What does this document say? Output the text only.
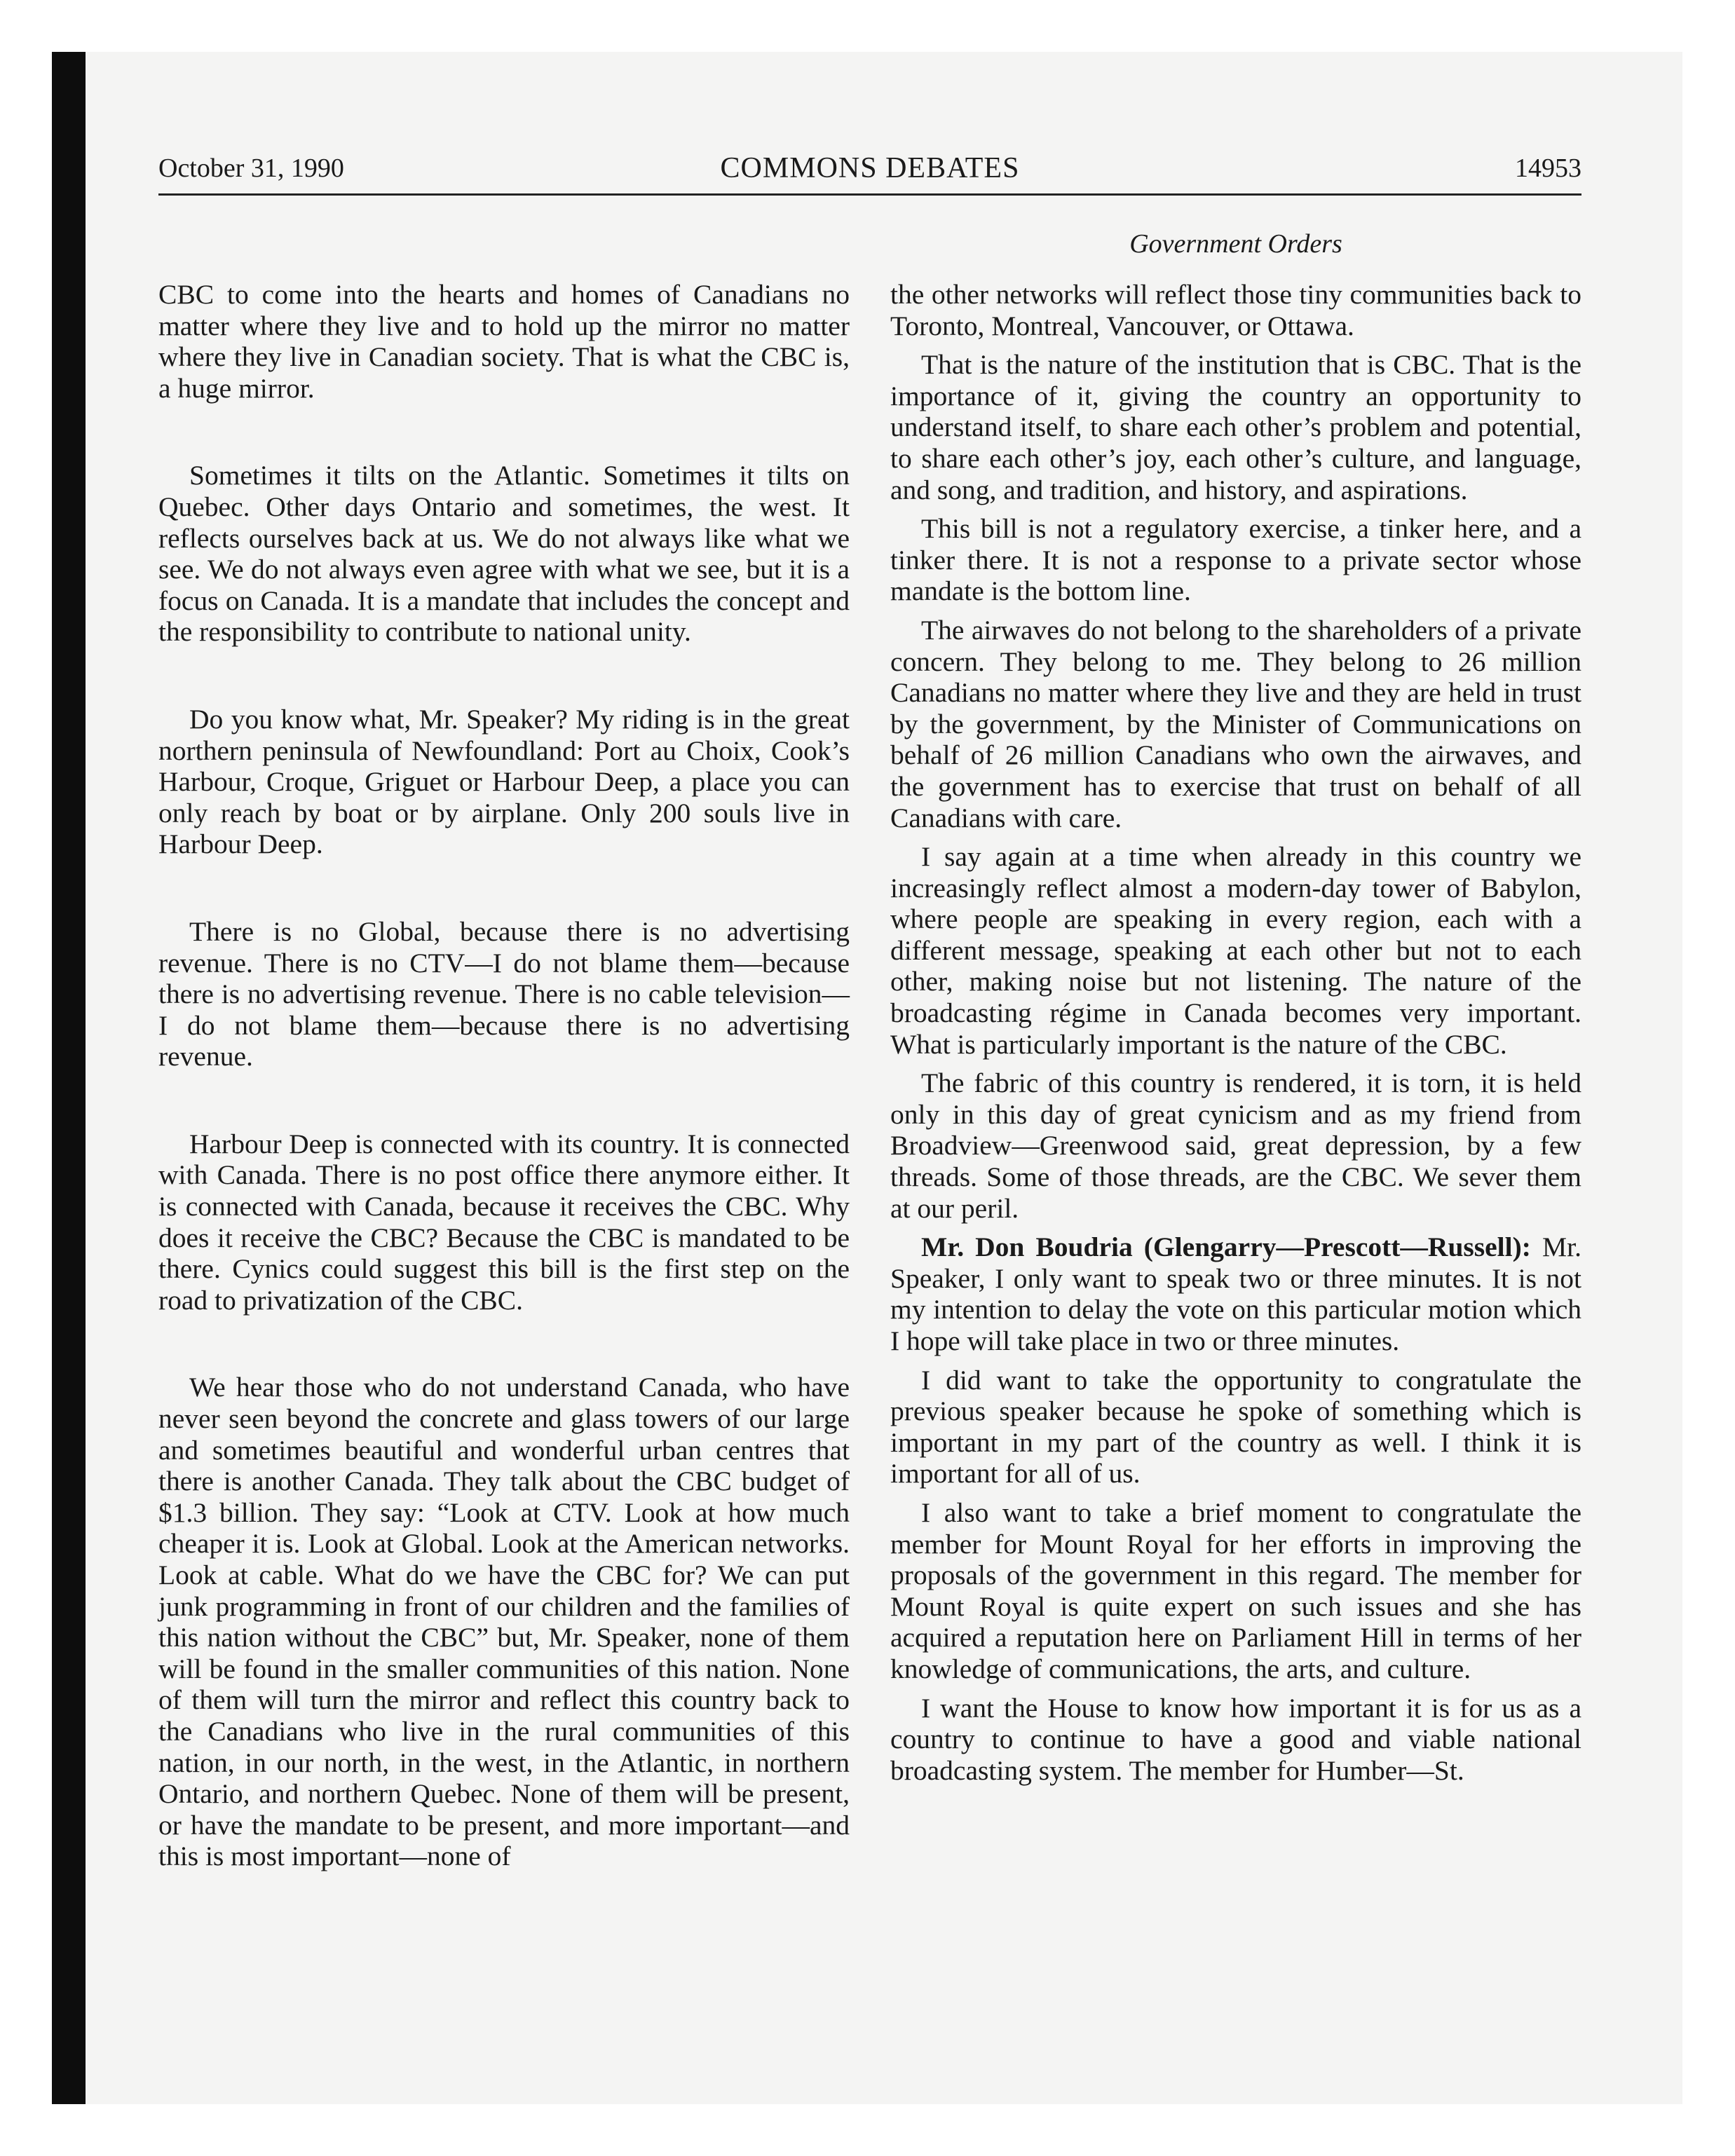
October 31, 1990	COMMONS DEBATES	14953
Government Orders

CBC to come into the hearts and homes of Canadians no matter where they live and to hold up the mirror no matter where they live in Canadian society. That is what the CBC is, a huge mirror.

Sometimes it tilts on the Atlantic. Sometimes it tilts on Quebec. Other days Ontario and sometimes, the west. It reflects ourselves back at us. We do not always like what we see. We do not always even agree with what we see, but it is a focus on Canada. It is a mandate that includes the concept and the responsibility to contribute to national unity.

Do you know what, Mr. Speaker? My riding is in the great northern peninsula of Newfoundland: Port au Choix, Cook’s Harbour, Croque, Griguet or Harbour Deep, a place you can only reach by boat or by airplane. Only 200 souls live in Harbour Deep.

There is no Global, because there is no advertising revenue. There is no CTV—I do not blame them—because there is no advertising revenue. There is no cable television—I do not blame them—because there is no advertising revenue.

Harbour Deep is connected with its country. It is connected with Canada. There is no post office there anymore either. It is connected with Canada, because it receives the CBC. Why does it receive the CBC? Because the CBC is mandated to be there. Cynics could suggest this bill is the first step on the road to privatization of the CBC.

We hear those who do not understand Canada, who have never seen beyond the concrete and glass towers of our large and sometimes beautiful and wonderful urban centres that there is another Canada. They talk about the CBC budget of $1.3 billion. They say: “Look at CTV. Look at how much cheaper it is. Look at Global. Look at the American networks. Look at cable. What do we have the CBC for? We can put junk programming in front of our children and the families of this nation without the CBC” but, Mr. Speaker, none of them will be found in the smaller communities of this nation. None of them will turn the mirror and reflect this country back to the Canadians who live in the rural communities of this nation, in our north, in the west, in the Atlantic, in northern Ontario, and northern Quebec. None of them will be present, or have the mandate to be present, and more important—and this is most important—none of

the other networks will reflect those tiny communities back to Toronto, Montreal, Vancouver, or Ottawa.

That is the nature of the institution that is CBC. That is the importance of it, giving the country an opportunity to understand itself, to share each other’s problem and potential, to share each other’s joy, each other’s culture, and language, and song, and tradition, and history, and aspirations.

This bill is not a regulatory exercise, a tinker here, and a tinker there. It is not a response to a private sector whose mandate is the bottom line.

The airwaves do not belong to the shareholders of a private concern. They belong to me. They belong to 26 million Canadians no matter where they live and they are held in trust by the government, by the Minister of Communications on behalf of 26 million Canadians who own the airwaves, and the government has to exercise that trust on behalf of all Canadians with care.

I say again at a time when already in this country we increasingly reflect almost a modern-day tower of Babylon, where people are speaking in every region, each with a different message, speaking at each other but not to each other, making noise but not listening. The nature of the broadcasting régime in Canada becomes very important. What is particularly important is the nature of the CBC.

The fabric of this country is rendered, it is torn, it is held only in this day of great cynicism and as my friend from Broadview—Greenwood said, great depression, by a few threads. Some of those threads, are the CBC. We sever them at our peril.

Mr. Don Boudria (Glengarry—Prescott—Russell): Mr. Speaker, I only want to speak two or three minutes. It is not my intention to delay the vote on this particular motion which I hope will take place in two or three minutes.

I did want to take the opportunity to congratulate the previous speaker because he spoke of something which is important in my part of the country as well. I think it is important for all of us.

I also want to take a brief moment to congratulate the member for Mount Royal for her efforts in improving the proposals of the government in this regard. The member for Mount Royal is quite expert on such issues and she has acquired a reputation here on Parliament Hill in terms of her knowledge of communications, the arts, and culture.

I want the House to know how important it is for us as a country to continue to have a good and viable national broadcasting system. The member for Humber—St.
